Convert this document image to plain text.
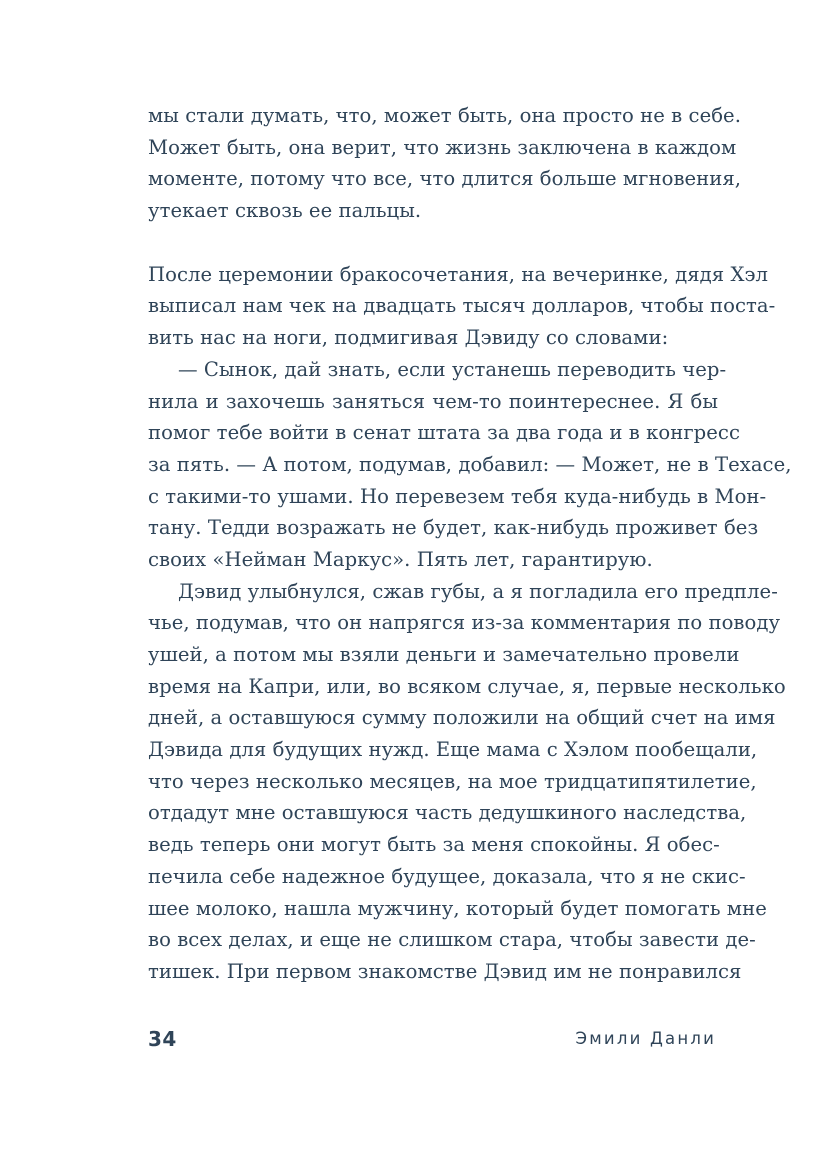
мы стали думать, что, может быть, она просто не в себе.
Может быть, она верит, что жизнь заключена в каждом
моменте, потому что все, что длится больше мгновения,
утекает сквозь ее пальцы.
После церемонии бракосочетания, на вечеринке, дядя Хэл
выписал нам чек на двадцать тысяч долларов, чтобы поста-
вить нас на ноги, подмигивая Дэвиду со словами:
— Сынок, дай знать, если устанешь переводить чер-
нила и захочешь заняться чем-то поинтереснее. Я бы
помог тебе войти в сенат штата за два года и в конгресс
за пять. — А потом, подумав, добавил: — Может, не в Техасе,
с такими-то ушами. Но перевезем тебя куда-нибудь в Мон-
тану. Тедди возражать не будет, как-нибудь проживет без
своих «Нейман Маркус». Пять лет, гарантирую.
Дэвид улыбнулся, сжав губы, а я погладила его предпле-
чье, подумав, что он напрягся из-за комментария по поводу
ушей, а потом мы взяли деньги и замечательно провели
время на Капри, или, во всяком случае, я, первые несколько
дней, а оставшуюся сумму положили на общий счет на имя
Дэвида для будущих нужд. Еще мама с Хэлом пообещали,
что через несколько месяцев, на мое тридцатипятилетие,
отдадут мне оставшуюся часть дедушкиного наследства,
ведь теперь они могут быть за меня спокойны. Я обес-
печила себе надежное будущее, доказала, что я не скис-
шее молоко, нашла мужчину, который будет помогать мне
во всех делах, и еще не слишком стара, чтобы завести де-
тишек. При первом знакомстве Дэвид им не понравился
34	Эмили Данли
